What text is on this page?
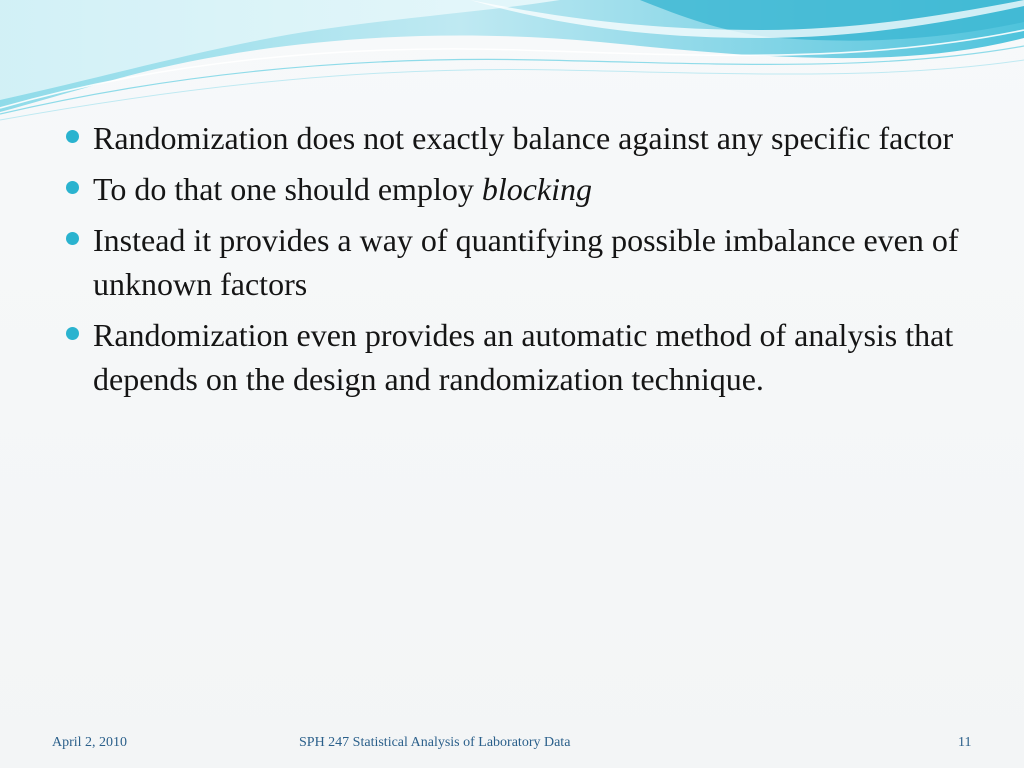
Randomization does not exactly balance against any specific factor
To do that one should employ blocking
Instead it provides a way of quantifying possible imbalance even of unknown factors
Randomization even provides an automatic method of analysis that depends on the design and randomization technique.
April 2, 2010	SPH 247 Statistical Analysis of Laboratory Data	11
